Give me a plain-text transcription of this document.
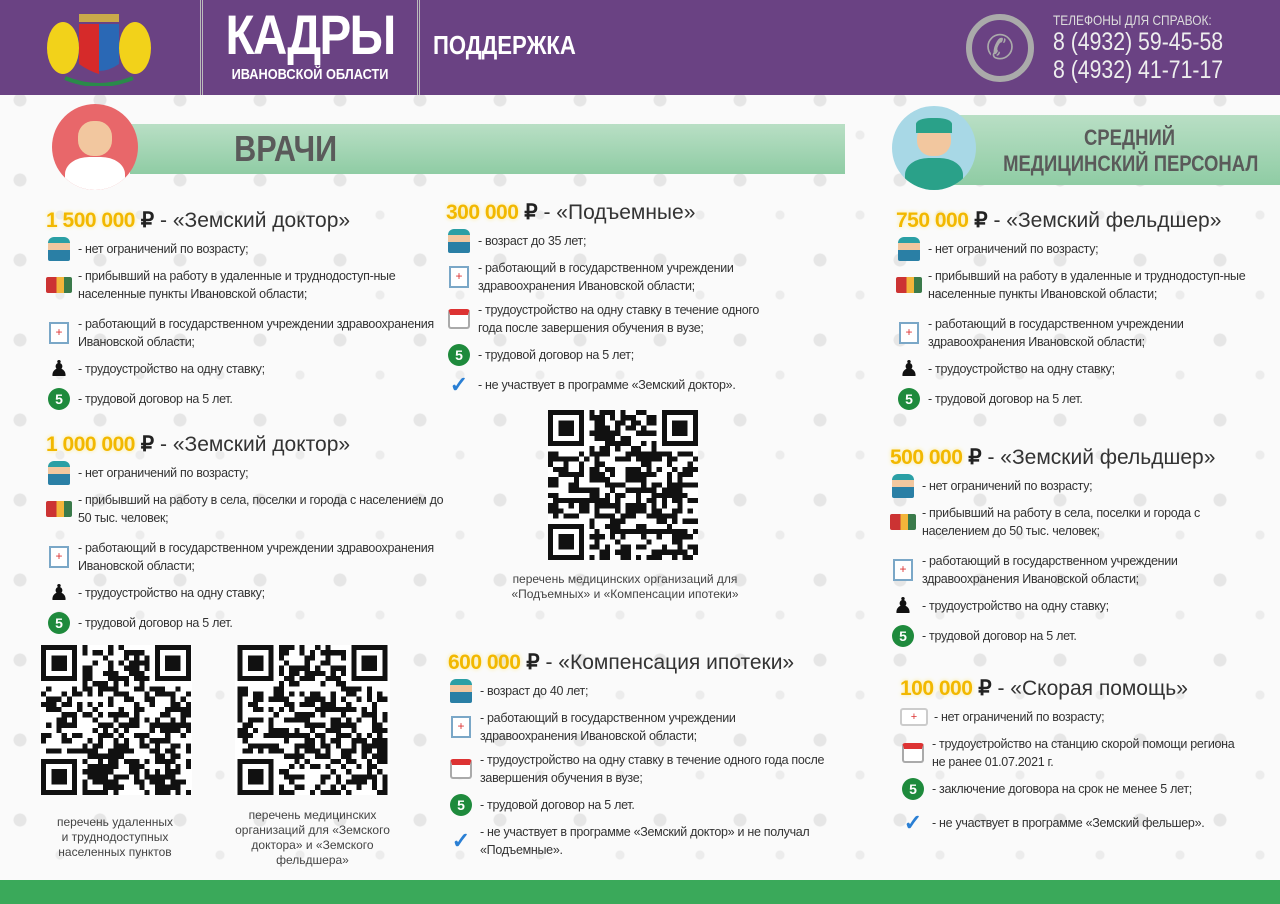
КАДРЫ
ИВАНОВСКОЙ ОБЛАСТИ
ПОДДЕРЖКА	✆
ТЕЛЕФОНЫ ДЛЯ СПРАВОК:
8 (4932) 59-45-58
8 (4932) 41-71-17
ВРАЧИ	СРЕДНИЙ
МЕДИЦИНСКИЙ ПЕРСОНАЛ
1 500 000 ₽ - «Земский доктор»
- нет ограничений по возрасту;
- прибывший на работу в удаленные и труднодоступ-ные населенные пункты Ивановской области;
+
- работающий в государственном учреждении здравоохранения Ивановской области;
♟ - трудоустройство на одну ставку;
5	- трудовой договор на 5 лет.
1 000 000 ₽ - «Земский доктор»
- нет ограничений по возрасту;
- прибывший на работу в села, поселки и города с населением до 50 тыс. человек;
+
- работающий в государственном учреждении здравоохранения Ивановской области;
♟ - трудоустройство на одну ставку;
5	- трудовой договор на 5 лет.
300 000 ₽ - «Подъемные»
- возраст до 35 лет;
+
- работающий в государственном учреждении здравоохранения Ивановской области;
- трудоустройство на одну ставку в течение одного года после завершения обучения в вузе;
5	- трудовой договор на 5 лет;
✓ - не участвует в программе «Земский доктор».
600 000 ₽ - «Компенсация ипотеки»
- возраст до 40 лет;
+
- работающий в государственном учреждении здравоохранения Ивановской области;
- трудоустройство на одну ставку в течение одного года после завершения обучения в вузе;
5	- трудовой договор на 5 лет.
✓ - не участвует в программе «Земский доктор» и не получал «Подъемные».
750 000 ₽ - «Земский фельдшер»
- нет ограничений по возрасту;
- прибывший на работу в удаленные и труднодоступ-ные населенные пункты Ивановской области;
+
- работающий в государственном учреждении здравоохранения Ивановской области;
♟ - трудоустройство на одну ставку;
5	- трудовой договор на 5 лет.
500 000 ₽ - «Земский фельдшер»
- нет ограничений по возрасту;
- прибывший на работу в села, поселки и города с населением до 50 тыс. человек;
+
- работающий в государственном учреждении здравоохранения Ивановской области;
♟ - трудоустройство на одну ставку;
5	- трудовой договор на 5 лет.
100 000 ₽ - «Скорая помощь»
+	- нет ограничений по возрасту;
- трудоустройство на станцию скорой помощи региона не ранее 01.07.2021 г.
5	- заключение договора на срок не менее 5 лет;
✓ - не участвует в программе «Земский фельшер».
перечень медицинских организаций для «Подъемных» и «Компенсации ипотеки»
перечень удаленных и труднодоступных населенных пунктов
перечень медицинских организаций для «Земского доктора» и «Земского фельдшера»
